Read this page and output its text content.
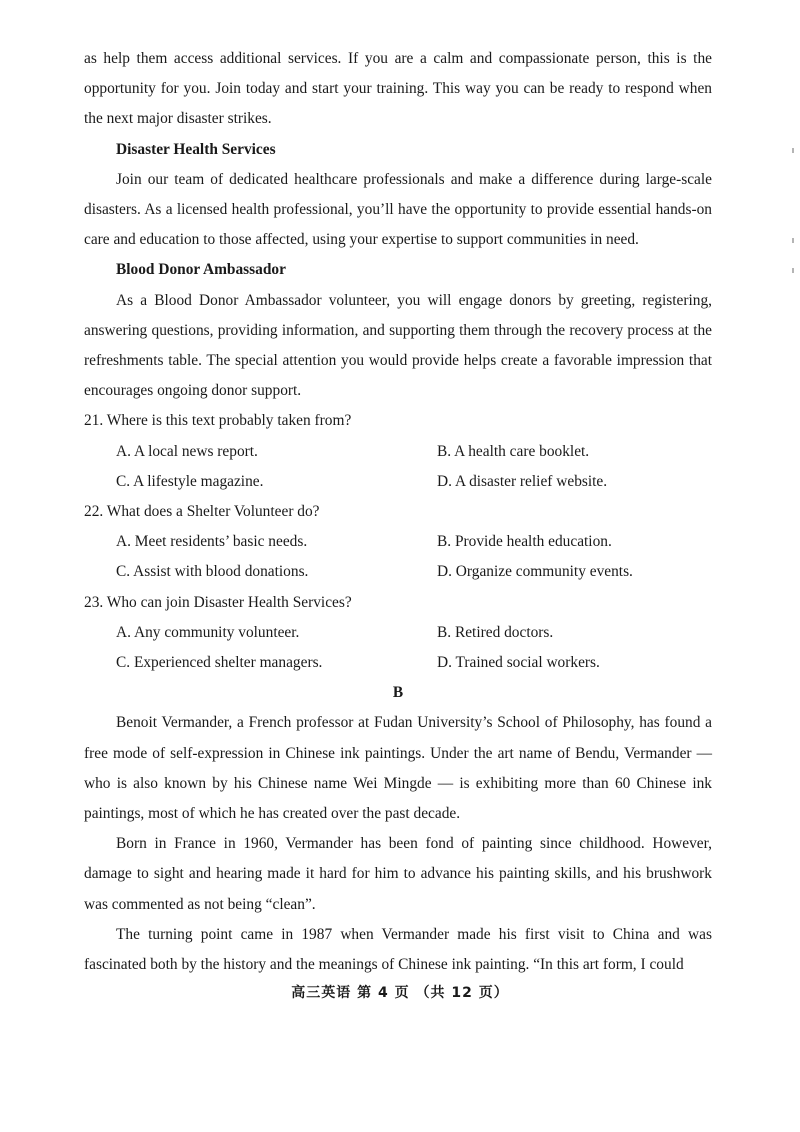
as help them access additional services. If you are a calm and compassionate person, this is the opportunity for you. Join today and start your training. This way you can be ready to respond when the next major disaster strikes.

Disaster Health Services

Join our team of dedicated healthcare professionals and make a difference during large-scale disasters. As a licensed health professional, you’ll have the opportunity to provide essential hands-on care and education to those affected, using your expertise to support communities in need.

Blood Donor Ambassador

As a Blood Donor Ambassador volunteer, you will engage donors by greeting, registering, answering questions, providing information, and supporting them through the recovery process at the refreshments table. The special attention you would provide helps create a favorable impression that encourages ongoing donor support.

21. Where is this text probably taken from?
A. A local news report.	B. A health care booklet.
C. A lifestyle magazine.	D. A disaster relief website.
22. What does a Shelter Volunteer do?
A. Meet residents’ basic needs.	B. Provide health education.
C. Assist with blood donations.	D. Organize community events.
23. Who can join Disaster Health Services?
A. Any community volunteer.	B. Retired doctors.
C. Experienced shelter managers.	D. Trained social workers.
B

Benoit Vermander, a French professor at Fudan University’s School of Philosophy, has found a free mode of self-expression in Chinese ink paintings. Under the art name of Bendu, Vermander — who is also known by his Chinese name Wei Mingde — is exhibiting more than 60 Chinese ink paintings, most of which he has created over the past decade.

Born in France in 1960, Vermander has been fond of painting since childhood. However, damage to sight and hearing made it hard for him to advance his painting skills, and his brushwork was commented as not being “clean”.

The turning point came in 1987 when Vermander made his first visit to China and was fascinated both by the history and the meanings of Chinese ink painting. “In this art form, I could

高三英语 第 4 页 （共 12 页）
